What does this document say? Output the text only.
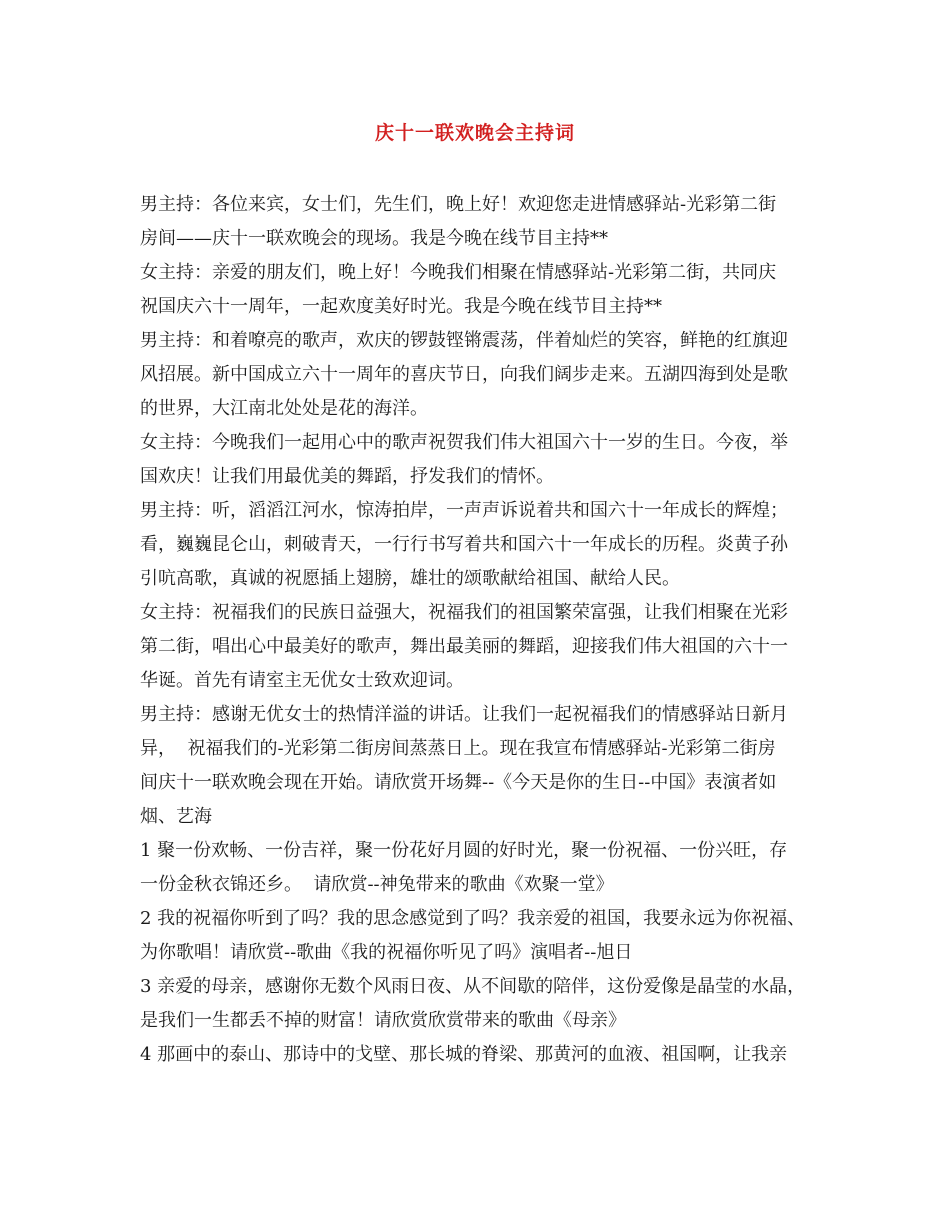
庆十一联欢晚会主持词
男主持：各位来宾，女士们，先生们，晚上好！欢迎您走进情感驿站-光彩第二街
房间——庆十一联欢晚会的现场。我是今晚在线节目主持**
女主持：亲爱的朋友们，晚上好！今晚我们相聚在情感驿站-光彩第二街，共同庆
祝国庆六十一周年，一起欢度美好时光。我是今晚在线节目主持**
男主持：和着嘹亮的歌声，欢庆的锣鼓铿锵震荡，伴着灿烂的笑容，鲜艳的红旗迎
风招展。新中国成立六十一周年的喜庆节日，向我们阔步走来。五湖四海到处是歌
的世界，大江南北处处是花的海洋。
女主持：今晚我们一起用心中的歌声祝贺我们伟大祖国六十一岁的生日。今夜，举
国欢庆！让我们用最优美的舞蹈，抒发我们的情怀。
男主持：听，滔滔江河水，惊涛拍岸，一声声诉说着共和国六十一年成长的辉煌；
看，巍巍昆仑山，刺破青天，一行行书写着共和国六十一年成长的历程。炎黄子孙
引吭高歌，真诚的祝愿插上翅膀，雄壮的颂歌献给祖国、献给人民。
女主持：祝福我们的民族日益强大，祝福我们的祖国繁荣富强，让我们相聚在光彩
第二街，唱出心中最美好的歌声，舞出最美丽的舞蹈，迎接我们伟大祖国的六十一
华诞。首先有请室主无优女士致欢迎词。
男主持：感谢无优女士的热情洋溢的讲话。让我们一起祝福我们的情感驿站日新月
异，  祝福我们的-光彩第二街房间蒸蒸日上。现在我宣布情感驿站-光彩第二街房
间庆十一联欢晚会现在开始。请欣赏开场舞--《今天是你的生日--中国》表演者如
烟、艺海
1 聚一份欢畅、一份吉祥，聚一份花好月圆的好时光，聚一份祝福、一份兴旺，存
一份金秋衣锦还乡。  请欣赏--神兔带来的歌曲《欢聚一堂》
2 我的祝福你听到了吗？我的思念感觉到了吗？我亲爱的祖国，我要永远为你祝福、
为你歌唱！请欣赏--歌曲《我的祝福你听见了吗》演唱者--旭日
3 亲爱的母亲，感谢你无数个风雨日夜、从不间歇的陪伴，这份爱像是晶莹的水晶，
是我们一生都丢不掉的财富！请欣赏欣赏带来的歌曲《母亲》
4 那画中的泰山、那诗中的戈壁、那长城的脊梁、那黄河的血液、祖国啊，让我亲
